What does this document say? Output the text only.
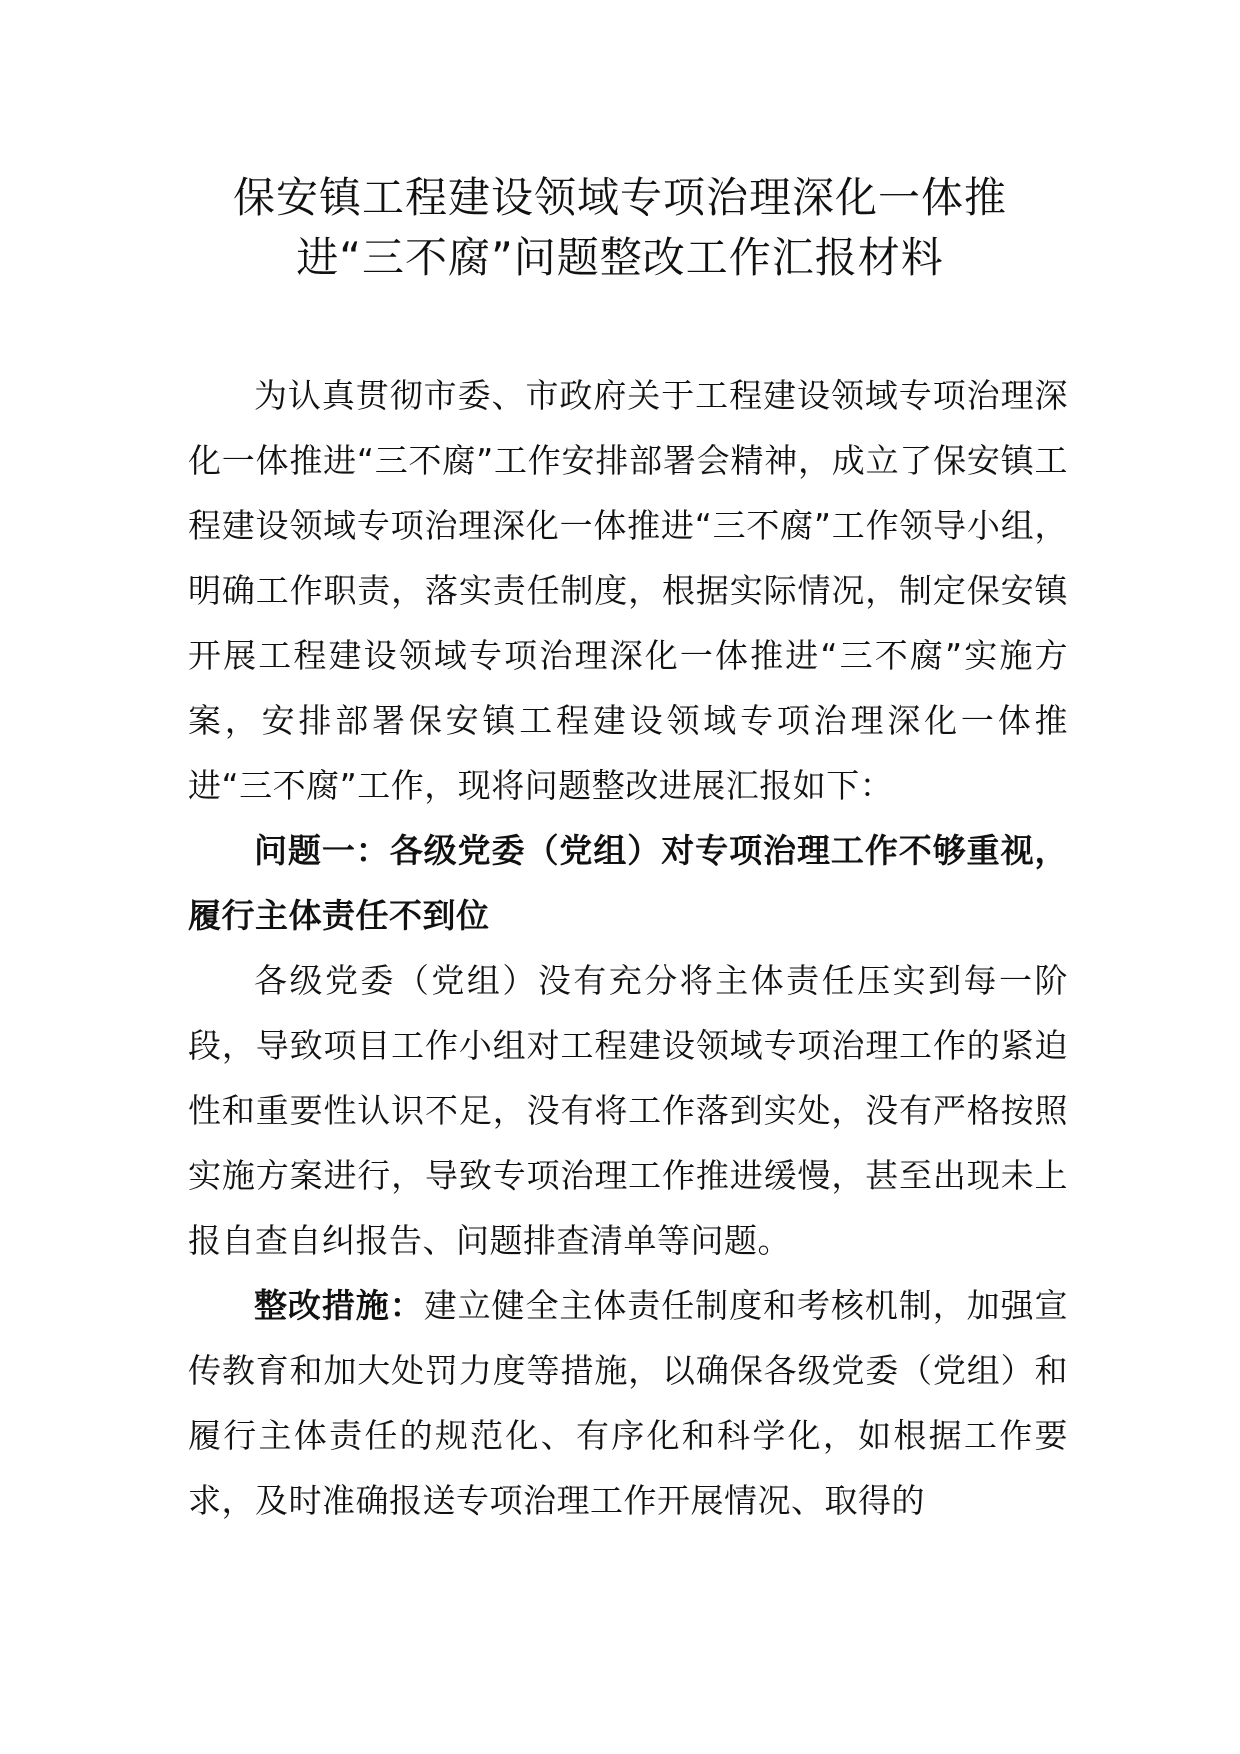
保安镇工程建设领域专项治理深化一体推
进“三不腐”问题整改工作汇报材料

为认真贯彻市委、市政府关于工程建设领域专项治理深化一体推进“三不腐”工作安排部署会精神，成立了保安镇工程建设领域专项治理深化一体推进“三不腐”工作领导小组，明确工作职责，落实责任制度，根据实际情况，制定保安镇开展工程建设领域专项治理深化一体推进“三不腐”实施方案，安排部署保安镇工程建设领域专项治理深化一体推进“三不腐”工作，现将问题整改进展汇报如下：

问题一：各级党委（党组）对专项治理工作不够重视，履行主体责任不到位

各级党委（党组）没有充分将主体责任压实到每一阶段，导致项目工作小组对工程建设领域专项治理工作的紧迫性和重要性认识不足，没有将工作落到实处，没有严格按照实施方案进行，导致专项治理工作推进缓慢，甚至出现未上报自查自纠报告、问题排查清单等问题。

整改措施：建立健全主体责任制度和考核机制，加强宣传教育和加大处罚力度等措施，以确保各级党委（党组）和履行主体责任的规范化、有序化和科学化，如根据工作要求，及时准确报送专项治理工作开展情况、取得的
